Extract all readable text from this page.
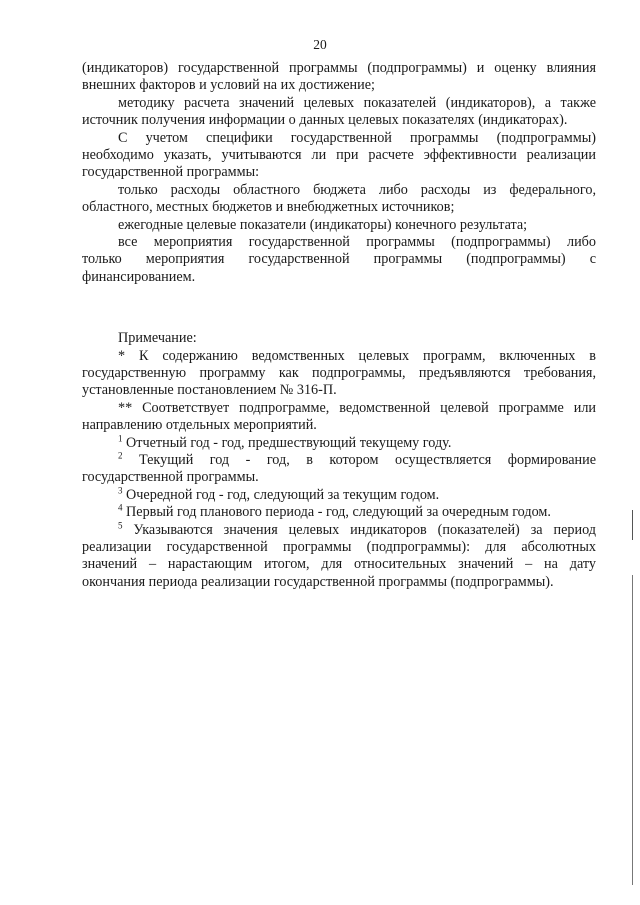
20
(индикаторов) государственной программы (подпрограммы) и оценку влияния
внешних факторов и условий на их достижение;
методику расчета значений целевых показателей (индикаторов), а также
источник получения информации о данных целевых показателях (индикаторах).
С учетом специфики государственной программы (подпрограммы)
необходимо указать, учитываются ли при расчете эффективности реализации
государственной программы:
только расходы областного бюджета либо расходы из федерального,
областного, местных бюджетов и внебюджетных источников;
ежегодные целевые показатели (индикаторы) конечного результата;
все мероприятия государственной программы (подпрограммы) либо
только мероприятия государственной программы (подпрограммы) с
финансированием.
Примечание:
* К содержанию ведомственных целевых программ, включенных в
государственную программу как подпрограммы, предъявляются требования,
установленные постановлением № 316-П.
** Соответствует подпрограмме, ведомственной целевой программе или
направлению отдельных мероприятий.
$^1$ Отчетный год - год, предшествующий текущему году.
$^2$ Текущий год - год, в котором осуществляется формирование
государственной программы.
$^3$ Очередной год - год, следующий за текущим годом.
$^4$ Первый год планового периода - год, следующий за очередным годом.
$^5$ Указываются значения целевых индикаторов (показателей) за период
реализации государственной программы (подпрограммы): для абсолютных
значений – нарастающим итогом, для относительных значений – на дату
окончания периода реализации государственной программы (подпрограммы).
